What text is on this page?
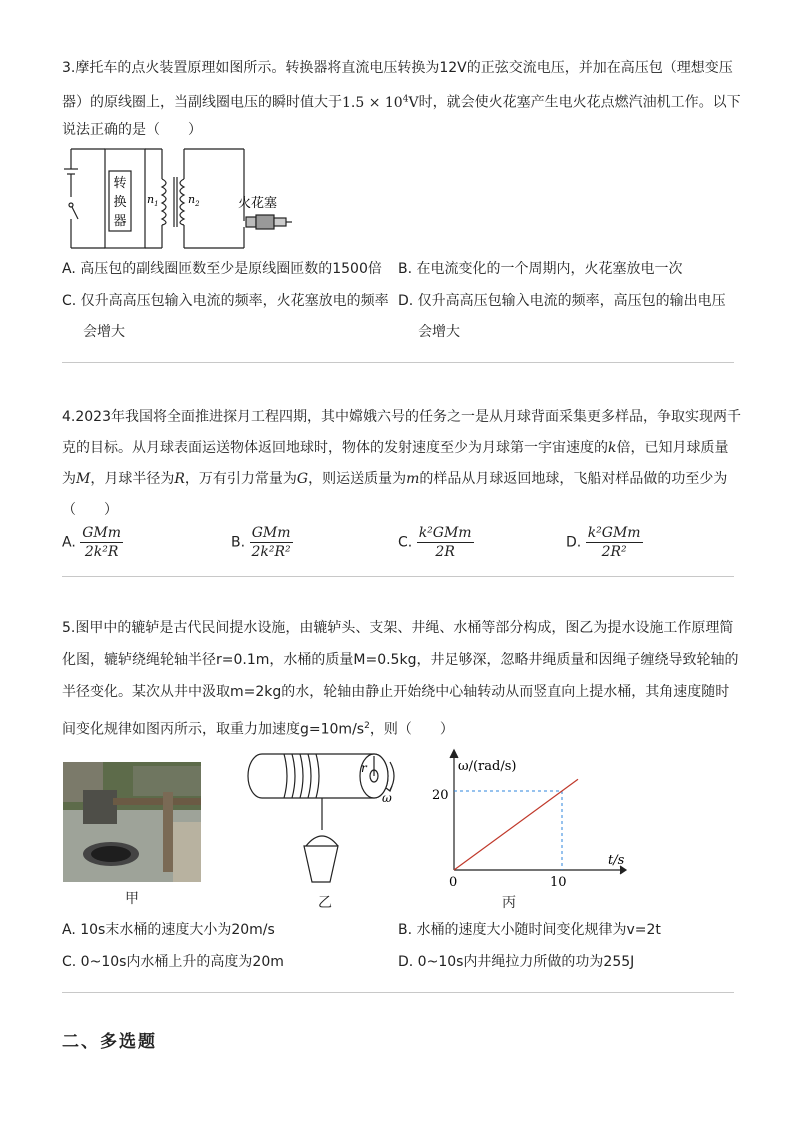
3.摩托车的点火装置原理如图所示。转换器将直流电压转换为12V的正弦交流电压，并加在高压包（理想变压
器）的原线圈上，当副线圈电压的瞬时值大于$1.5 \times 10^4V$时，就会使火花塞产生电火花点燃汽油机工作。以下
说法正确的是（　　）
转
换
器
$n_1$	$n_2$	火花塞
A. 高压包的副线圈匝数至少是原线圈匝数的1500倍 B. 在电流变化的一个周期内，火花塞放电一次
C. 仅升高高压包输入电流的频率，火花塞放电的频率
会增大
D. 仅升高高压包输入电流的频率，高压包的输出电压
会增大
4.2023年我国将全面推进探月工程四期，其中嫦娥六号的任务之一是从月球背面采集更多样品，争取实现两千
克的目标。从月球表面运送物体返回地球时，物体的发射速度至少为月球第一宇宙速度的k倍，已知月球质量
为M，月球半径为R，万有引力常量为G，则运送质量为m的样品从月球返回地球，飞船对样品做的功至少为
（　　）
A. $\frac{\text{GMm}}{\text{2k²R}}$	B. $\frac{\text{GMm}}{\text{2k²R²}}$	C. $\frac{\text{k²GMm}}{2R}$	D. $\frac{\text{k²GMm}}{\text{2R²}}$
5.图甲中的辘轳是古代民间提水设施，由辘轳头、支架、井绳、水桶等部分构成，图乙为提水设施工作原理简
化图，辘轳绕绳轮轴半径r=0.1m，水桶的质量M=0.5kg，井足够深，忽略井绳质量和因绳子缠绕导致轮轴的
半径变化。某次从井中汲取m=2kg的水，轮轴由静止开始绕中心轴转动从而竖直向上提水桶，其角速度随时
间变化规律如图丙所示，取重力加速度$g=10m/s^2$，则（　　）
甲
r
ω
乙
ω/(rad/s)
t/s
20
10
0
丙
A. 10s末水桶的速度大小为20m/s	B. 水桶的速度大小随时间变化规律为v=2t
C. 0~10s内水桶上升的高度为20m	D. 0~10s内井绳拉力所做的功为255J
二、多选题
